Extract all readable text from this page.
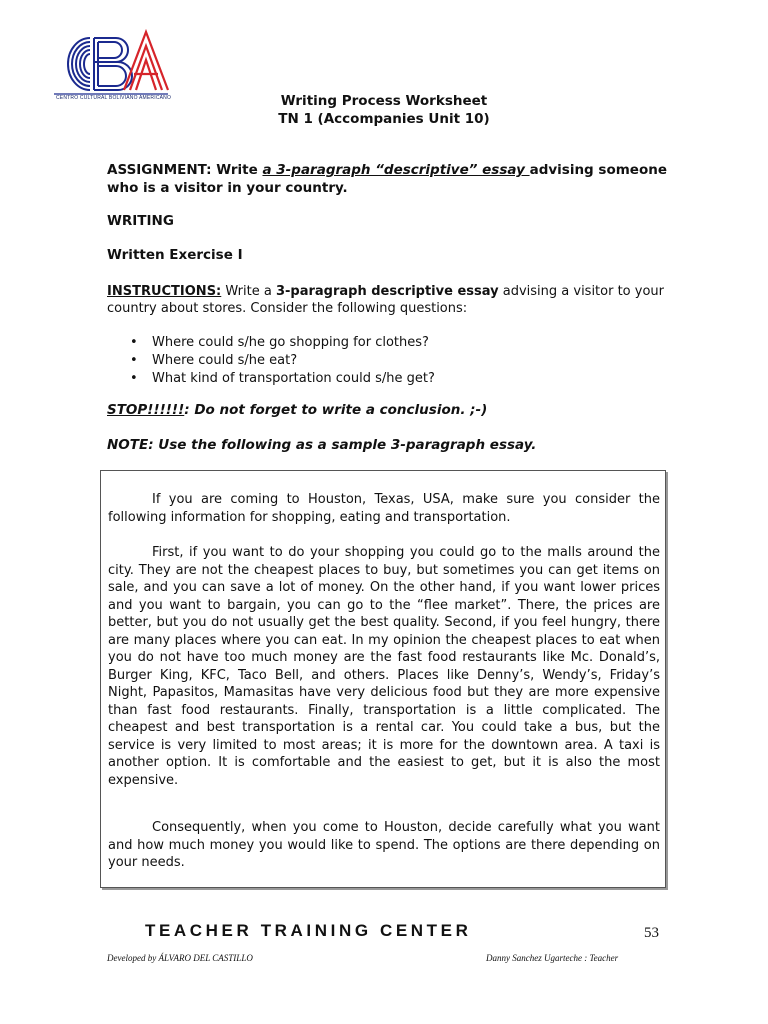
CENTRO CULTURAL BOLIVIANO AMERICANO	Writing Process Worksheet
TN 1 (Accompanies Unit 10)
ASSIGNMENT: Write a 3-paragraph “descriptive” essay advising someone who is a visitor in your country.
WRITING
Written Exercise I
INSTRUCTIONS: Write a 3-paragraph descriptive essay advising a visitor to your country about stores. Consider the following questions:
• Where could s/he go shopping for clothes?
• Where could s/he eat?
• What kind of transportation could s/he get?
STOP!!!!!!: Do not forget to write a conclusion. ;-)
NOTE: Use the following as a sample 3-paragraph essay.
If you are coming to Houston, Texas, USA, make sure you consider the following information for shopping, eating and transportation.
First, if you want to do your shopping you could go to the malls around the city. They are not the cheapest places to buy, but sometimes you can get items on sale, and you can save a lot of money. On the other hand, if you want lower prices and you want to bargain, you can go to the “flee market”. There, the prices are better, but you do not usually get the best quality. Second, if you feel hungry, there are many places where you can eat. In my opinion the cheapest places to eat when you do not have too much money are the fast food restaurants like Mc. Donald’s, Burger King, KFC, Taco Bell, and others. Places like Denny’s, Wendy’s, Friday’s Night, Papasitos, Mamasitas have very delicious food but they are more expensive than fast food restaurants. Finally, transportation is a little complicated. The cheapest and best transportation is a rental car. You could take a bus, but the service is very limited to most areas; it is more for the downtown area. A taxi is another option. It is comfortable and the easiest to get, but it is also the most expensive.
Consequently, when you come to Houston, decide carefully what you want and how much money you would like to spend. The options are there depending on your needs.
TEACHER TRAINING CENTER	53
Developed by ÁLVARO DEL CASTILLO	Danny Sanchez Ugarteche : Teacher
